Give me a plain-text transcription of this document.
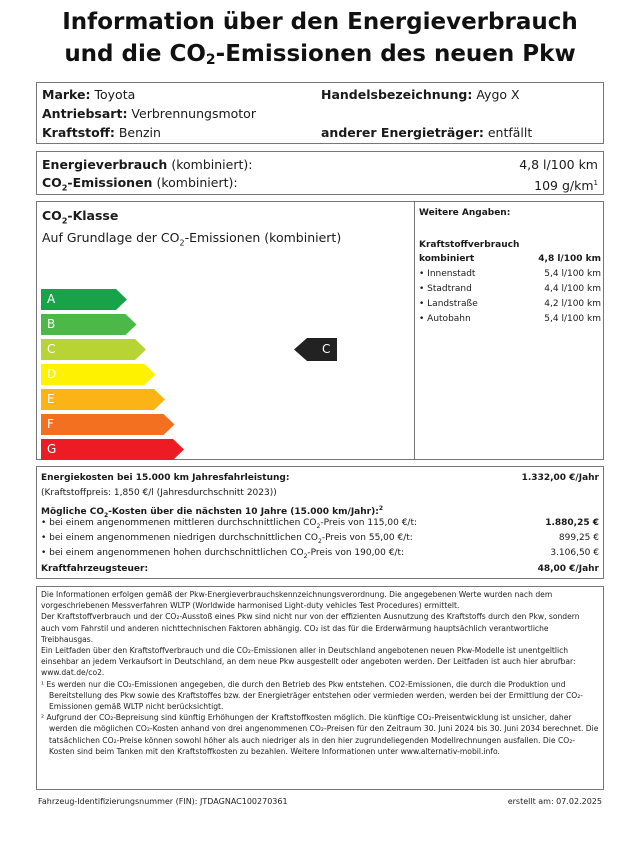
Information über den Energieverbrauch
und die $CO_2$-Emissionen des neuen Pkw
Marke: Toyota	Handelsbezeichnung: Aygo X
Antriebsart: Verbrennungsmotor
Kraftstoff: Benzin	anderer Energieträger: entfällt
Energieverbrauch (kombiniert):	4,8 l/100 km
$CO_2$-Emissionen (kombiniert):	109 $g/km^1$
$CO_2$-Klasse
Auf Grundlage der $CO_2$-Emissionen (kombiniert)
A
B
C
D
E
F
G
C
Weitere Angaben:
Kraftstoffverbrauch
kombiniert	4,8 l/100 km
• Innenstadt	5,4 l/100 km
• Stadtrand	4,4 l/100 km
• Landstraße	4,2 l/100 km
• Autobahn	5,4 l/100 km
Energiekosten bei 15.000 km Jahresfahrleistung:	1.332,00 €/Jahr
(Kraftstoffpreis: 1,850 €/l (Jahresdurchschnitt 2023))
Mögliche $CO_2$-Kosten über die nächsten 10 Jahre (15.000 km/Jahr):$^2$
• bei einem angenommenen mittleren durchschnittlichen $CO_2$-Preis von 115,00 €/t:	1.880,25 €
• bei einem angenommenen niedrigen durchschnittlichen $CO_2$-Preis von 55,00 €/t:	899,25 €
• bei einem angenommenen hohen durchschnittlichen $CO_2$-Preis von 190,00 €/t:	3.106,50 €
Kraftfahrzeugsteuer:	48,00 €/Jahr

Die Informationen erfolgen gemäß der Pkw-Energieverbrauchskennzeichnungsverordnung. Die angegebenen Werte wurden nach dem vorgeschriebenen Messverfahren WLTP (Worldwide harmonised Light-duty vehicles Test Procedures) ermittelt.

Der Kraftstoffverbrauch und der CO₂-Ausstoß eines Pkw sind nicht nur von der effizienten Ausnutzung des Kraftstoffs durch den Pkw, sondern auch vom Fahrstil und anderen nichttechnischen Faktoren abhängig. CO₂ ist das für die Erderwärmung hauptsächlich verantwortliche Treibhausgas.

Ein Leitfaden über den Kraftstoffverbrauch und die CO₂-Emissionen aller in Deutschland angebotenen neuen Pkw-Modelle ist unentgeltlich einsehbar an jedem Verkaufsort in Deutschland, an dem neue Pkw ausgestellt oder angeboten werden. Der Leitfaden ist auch hier abrufbar: www.dat.de/co2.

¹ Es werden nur die CO₂-Emissionen angegeben, die durch den Betrieb des Pkw entstehen. CO2-Emissionen, die durch die Produktion und Bereitstellung des Pkw sowie des Kraftstoffes bzw. der Energieträger entstehen oder vermieden werden, werden bei der Ermittlung der CO₂-Emissionen gemäß WLTP nicht berücksichtigt.

² Aufgrund der CO₂-Bepreisung sind künftig Erhöhungen der Kraftstoffkosten möglich. Die künftige CO₂-Preisentwicklung ist unsicher, daher werden die möglichen CO₂-Kosten anhand von drei angenommenen CO₂-Preisen für den Zeitraum 30. Juni 2024 bis 30. Juni 2034 berechnet. Die tatsächlichen CO₂-Preise können sowohl höher als auch niedriger als in den hier zugrundeliegenden Modellrechnungen ausfallen. Die CO₂-Kosten sind beim Tanken mit den Kraftstoffkosten zu bezahlen. Weitere Informationen unter www.alternativ-mobil.info.

Fahrzeug-Identifizierungsnummer (FIN): JTDAGNAC100270361	erstellt am: 07.02.2025
